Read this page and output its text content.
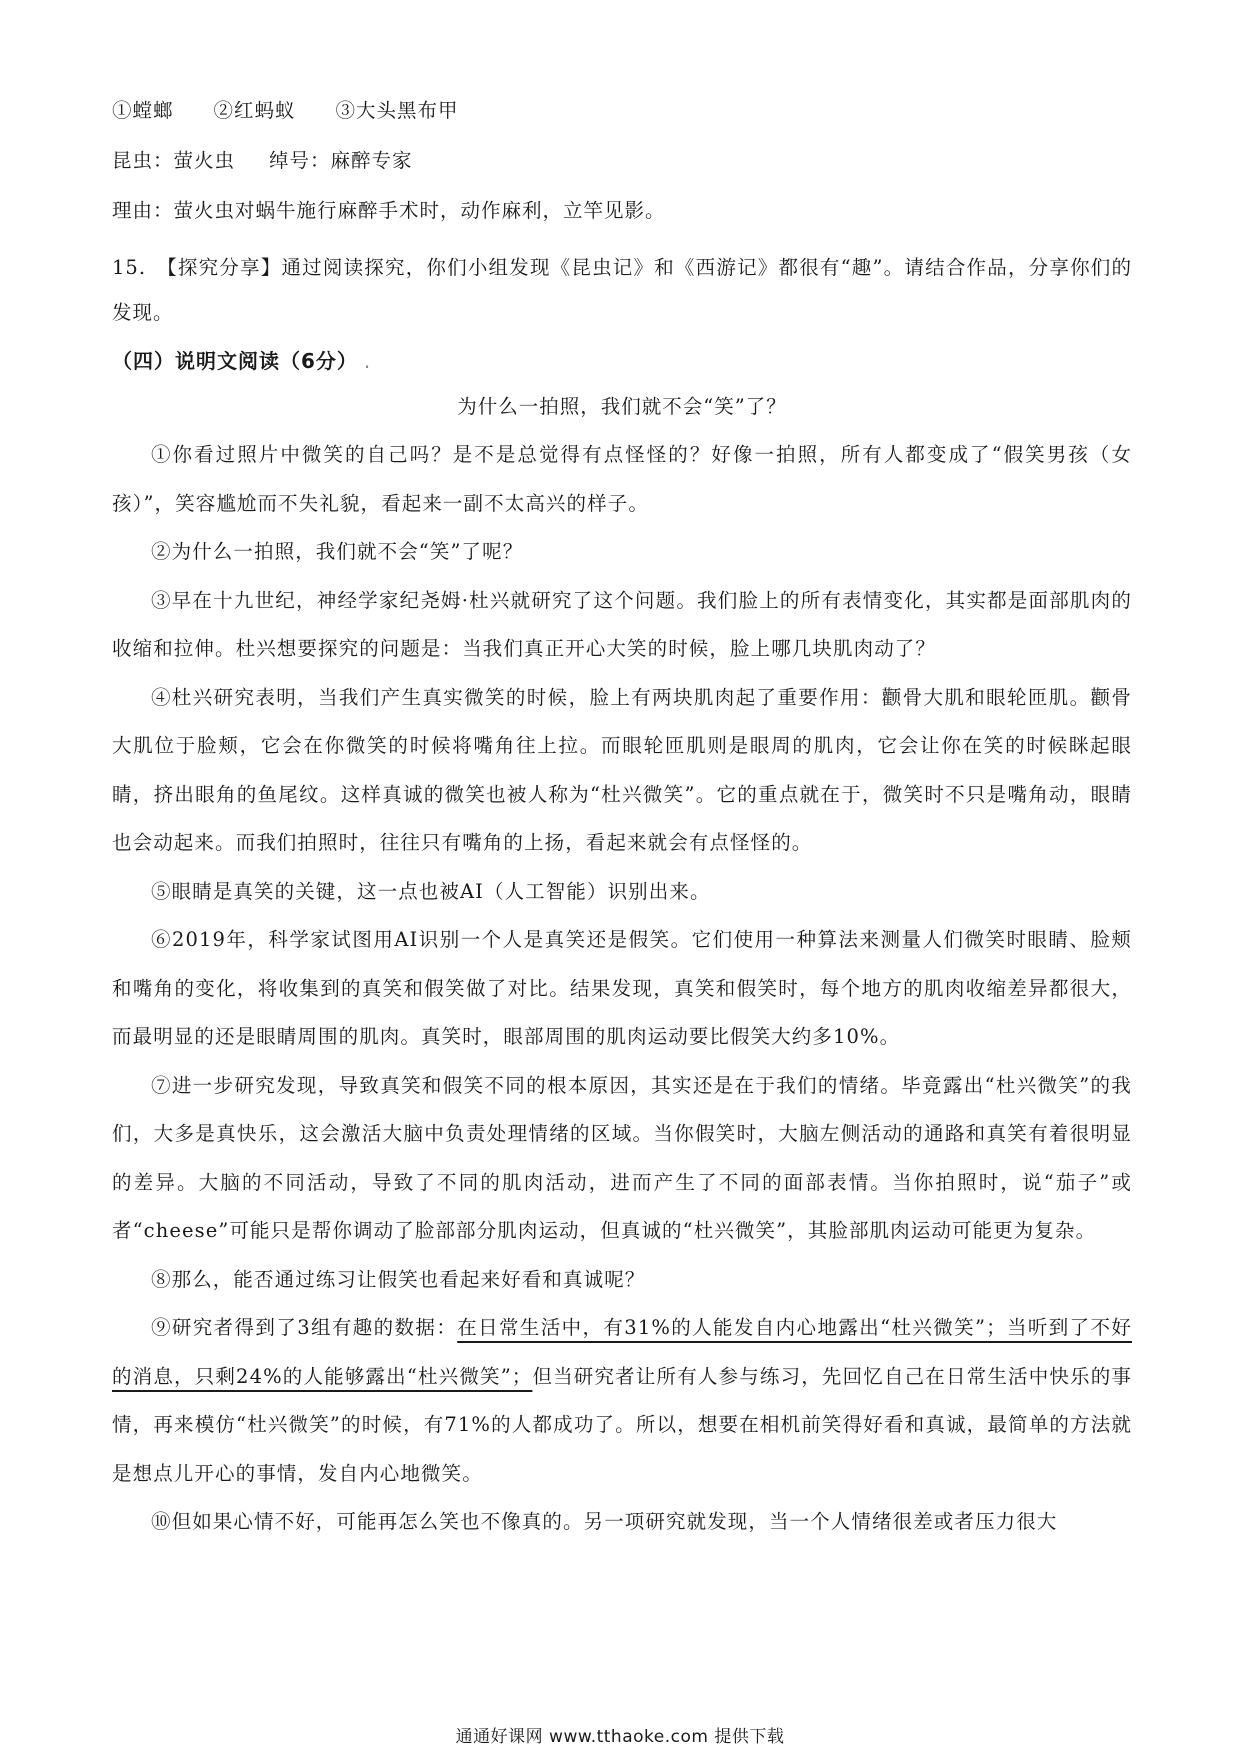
①螳螂 ②红蚂蚁 ③大头黑布甲
昆虫：萤火虫 绰号：麻醉专家
理由：萤火虫对蜗牛施行麻醉手术时，动作麻利，立竿见影。

15.　【探究分享】通过阅读探究，你们小组发现《昆虫记》和《西游记》都很有“趣”。请结合作品，分享你们的发现。

（四）说明文阅读（6分） .
为什么一拍照，我们就不会“笑”了？

①你看过照片中微笑的自己吗？是不是总觉得有点怪怪的？好像一拍照，所有人都变成了“假笑男孩（女孩）”，笑容尴尬而不失礼貌，看起来一副不太高兴的样子。

②为什么一拍照，我们就不会“笑”了呢？

③早在十九世纪，神经学家纪尧姆·杜兴就研究了这个问题。我们脸上的所有表情变化，其实都是面部肌肉的收缩和拉伸。杜兴想要探究的问题是：当我们真正开心大笑的时候，脸上哪几块肌肉动了？

④杜兴研究表明，当我们产生真实微笑的时候，脸上有两块肌肉起了重要作用：颧骨大肌和眼轮匝肌。颧骨大肌位于脸颊，它会在你微笑的时候将嘴角往上拉。而眼轮匝肌则是眼周的肌肉，它会让你在笑的时候眯起眼睛，挤出眼角的鱼尾纹。这样真诚的微笑也被人称为“杜兴微笑”。它的重点就在于，微笑时不只是嘴角动，眼睛也会动起来。而我们拍照时，往往只有嘴角的上扬，看起来就会有点怪怪的。

⑤眼睛是真笑的关键，这一点也被AI（人工智能）识别出来。

⑥2019年，科学家试图用AI识别一个人是真笑还是假笑。它们使用一种算法来测量人们微笑时眼睛、脸颊和嘴角的变化，将收集到的真笑和假笑做了对比。结果发现，真笑和假笑时，每个地方的肌肉收缩差异都很大，而最明显的还是眼睛周围的肌肉。真笑时，眼部周围的肌肉运动要比假笑大约多10%。

⑦进一步研究发现，导致真笑和假笑不同的根本原因，其实还是在于我们的情绪。毕竟露出“杜兴微笑”的我们，大多是真快乐，这会激活大脑中负责处理情绪的区域。当你假笑时，大脑左侧活动的通路和真笑有着很明显的差异。大脑的不同活动，导致了不同的肌肉活动，进而产生了不同的面部表情。当你拍照时，说“茄子”或者“cheese”可能只是帮你调动了脸部部分肌肉运动，但真诚的“杜兴微笑”，其脸部肌肉运动可能更为复杂。

⑧那么，能否通过练习让假笑也看起来好看和真诚呢？

⑨研究者得到了3组有趣的数据：在日常生活中，有31%的人能发自内心地露出“杜兴微笑”；当听到了不好的消息，只剩24%的人能够露出“杜兴微笑”；但当研究者让所有人参与练习，先回忆自己在日常生活中快乐的事情，再来模仿“杜兴微笑”的时候，有71%的人都成功了。所以，想要在相机前笑得好看和真诚，最简单的方法就是想点儿开心的事情，发自内心地微笑。

⑩但如果心情不好，可能再怎么笑也不像真的。另一项研究就发现，当一个人情绪很差或者压力很大

通通好课网 www.tthaoke.com 提供下载
